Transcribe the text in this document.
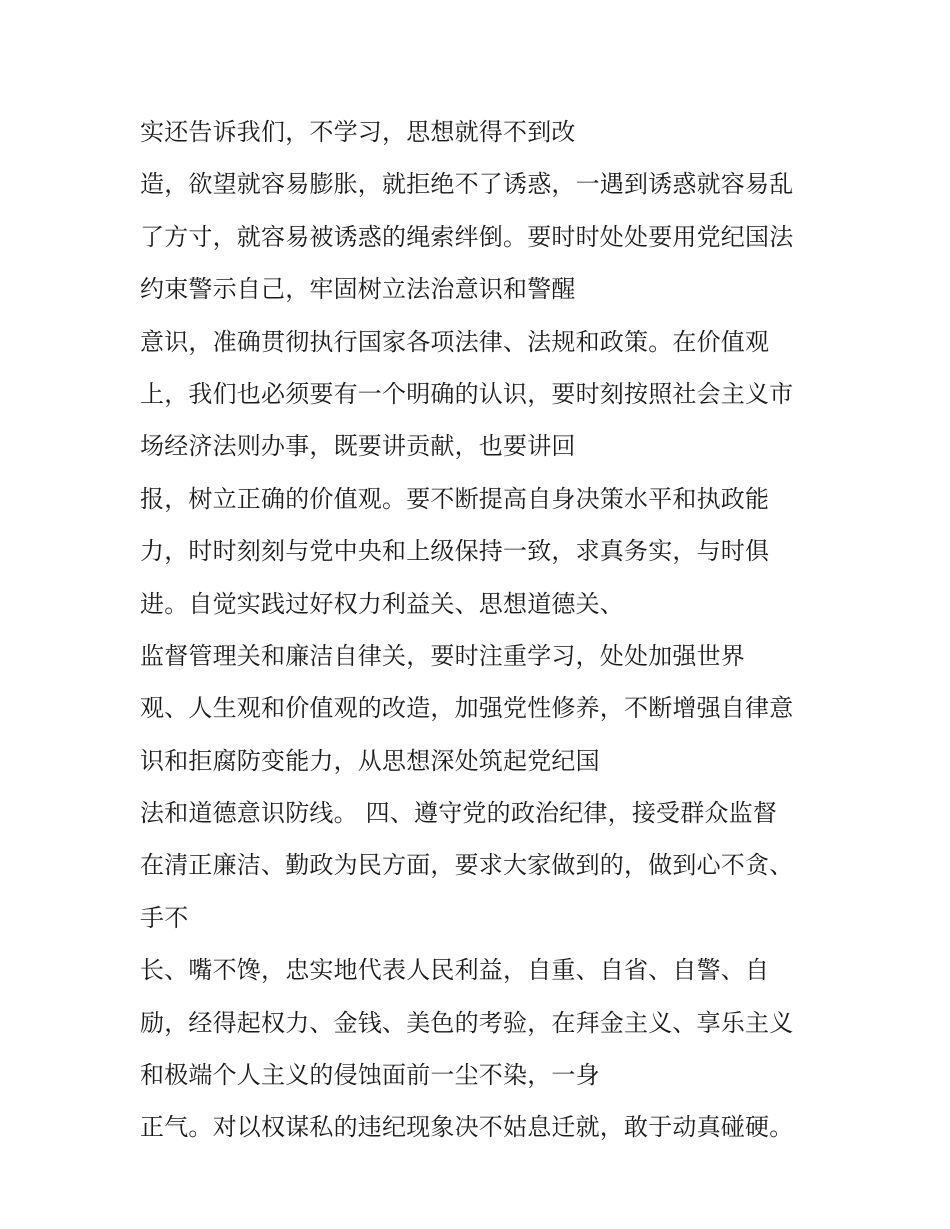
实还告诉我们，不学习，思想就得不到改
造，欲望就容易膨胀，就拒绝不了诱惑，一遇到诱惑就容易乱
了方寸，就容易被诱惑的绳索绊倒。要时时处处要用党纪国法
约束警示自己，牢固树立法治意识和警醒
意识，准确贯彻执行国家各项法律、法规和政策。在价值观
上，我们也必须要有一个明确的认识，要时刻按照社会主义市
场经济法则办事，既要讲贡献，也要讲回
报，树立正确的价值观。要不断提高自身决策水平和执政能
力，时时刻刻与党中央和上级保持一致，求真务实，与时俱
进。自觉实践过好权力利益关、思想道德关、
监督管理关和廉洁自律关，要时注重学习，处处加强世界
观、人生观和价值观的改造，加强党性修养，不断增强自律意
识和拒腐防变能力，从思想深处筑起党纪国
法和道德意识防线。 四、遵守党的政治纪律，接受群众监督
在清正廉洁、勤政为民方面，要求大家做到的，做到心不贪、
手不
长、嘴不馋，忠实地代表人民利益，自重、自省、自警、自
励，经得起权力、金钱、美色的考验，在拜金主义、享乐主义
和极端个人主义的侵蚀面前一尘不染，一身
正气。对以权谋私的违纪现象决不姑息迁就，敢于动真碰硬。
